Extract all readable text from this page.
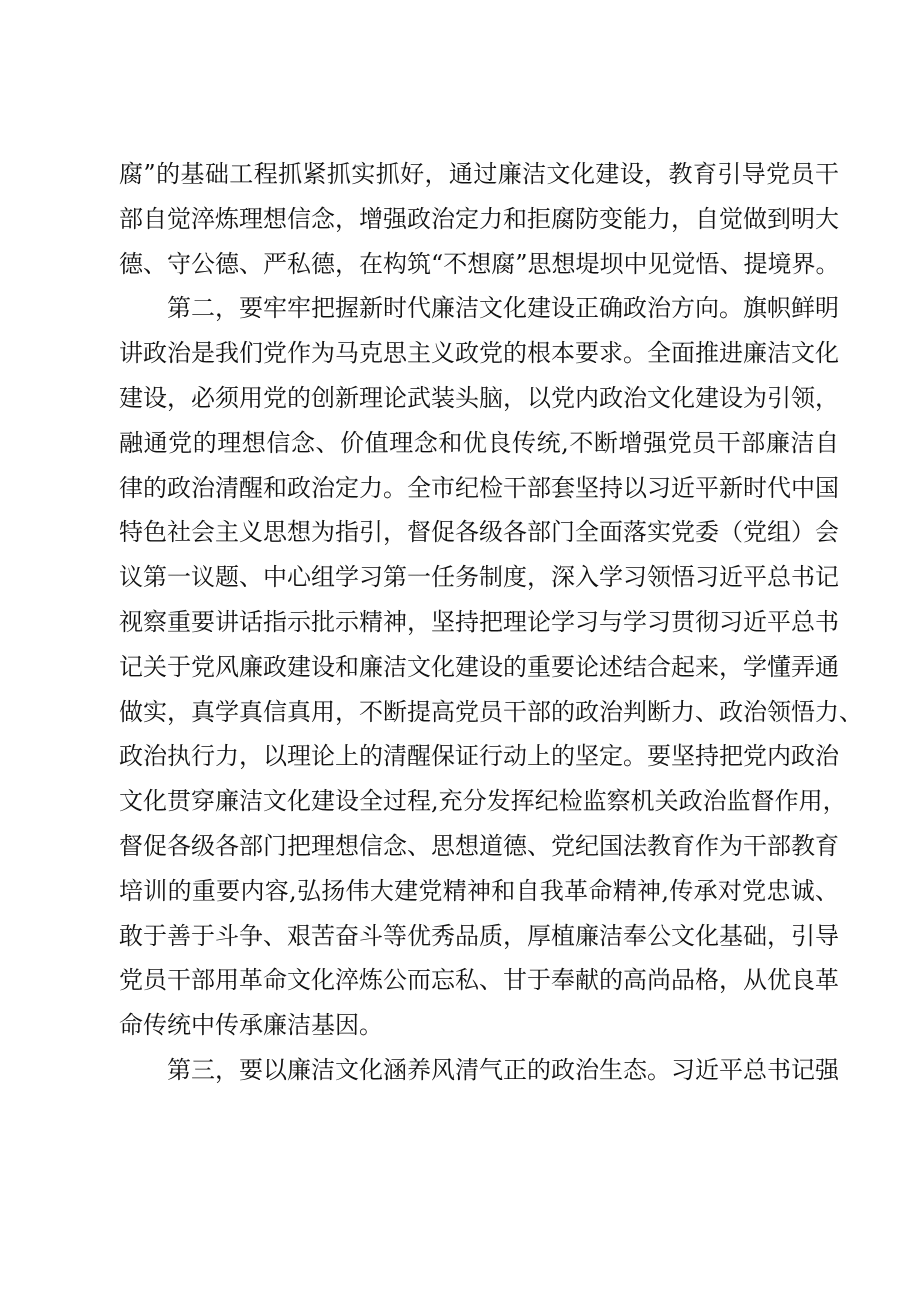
腐”的基础工程抓紧抓实抓好，通过廉洁文化建设，教育引导党员干
部自觉淬炼理想信念，增强政治定力和拒腐防变能力，自觉做到明大
德、守公德、严私德，在构筑“不想腐”思想堤坝中见觉悟、提境界。
第二，要牢牢把握新时代廉洁文化建设正确政治方向。旗帜鲜明
讲政治是我们党作为马克思主义政党的根本要求。全面推进廉洁文化
建设，必须用党的创新理论武装头脑，以党内政治文化建设为引领，
融通党的理想信念、价值理念和优良传统,不断增强党员干部廉洁自
律的政治清醒和政治定力。全市纪检干部套坚持以习近平新时代中国
特色社会主义思想为指引，督促各级各部门全面落实党委（党组）会
议第一议题、中心组学习第一任务制度，深入学习领悟习近平总书记
视察重要讲话指示批示精神，坚持把理论学习与学习贯彻习近平总书
记关于党风廉政建设和廉洁文化建设的重要论述结合起来，学懂弄通
做实，真学真信真用，不断提高党员干部的政治判断力、政治领悟力、
政治执行力，以理论上的清醒保证行动上的坚定。要坚持把党内政治
文化贯穿廉洁文化建设全过程,充分发挥纪检监察机关政治监督作用，
督促各级各部门把理想信念、思想道德、党纪国法教育作为干部教育
培训的重要内容,弘扬伟大建党精神和自我革命精神,传承对党忠诚、
敢于善于斗争、艰苦奋斗等优秀品质，厚植廉洁奉公文化基础，引导
党员干部用革命文化淬炼公而忘私、甘于奉献的高尚品格，从优良革
命传统中传承廉洁基因。
第三，要以廉洁文化涵养风清气正的政治生态。习近平总书记强
